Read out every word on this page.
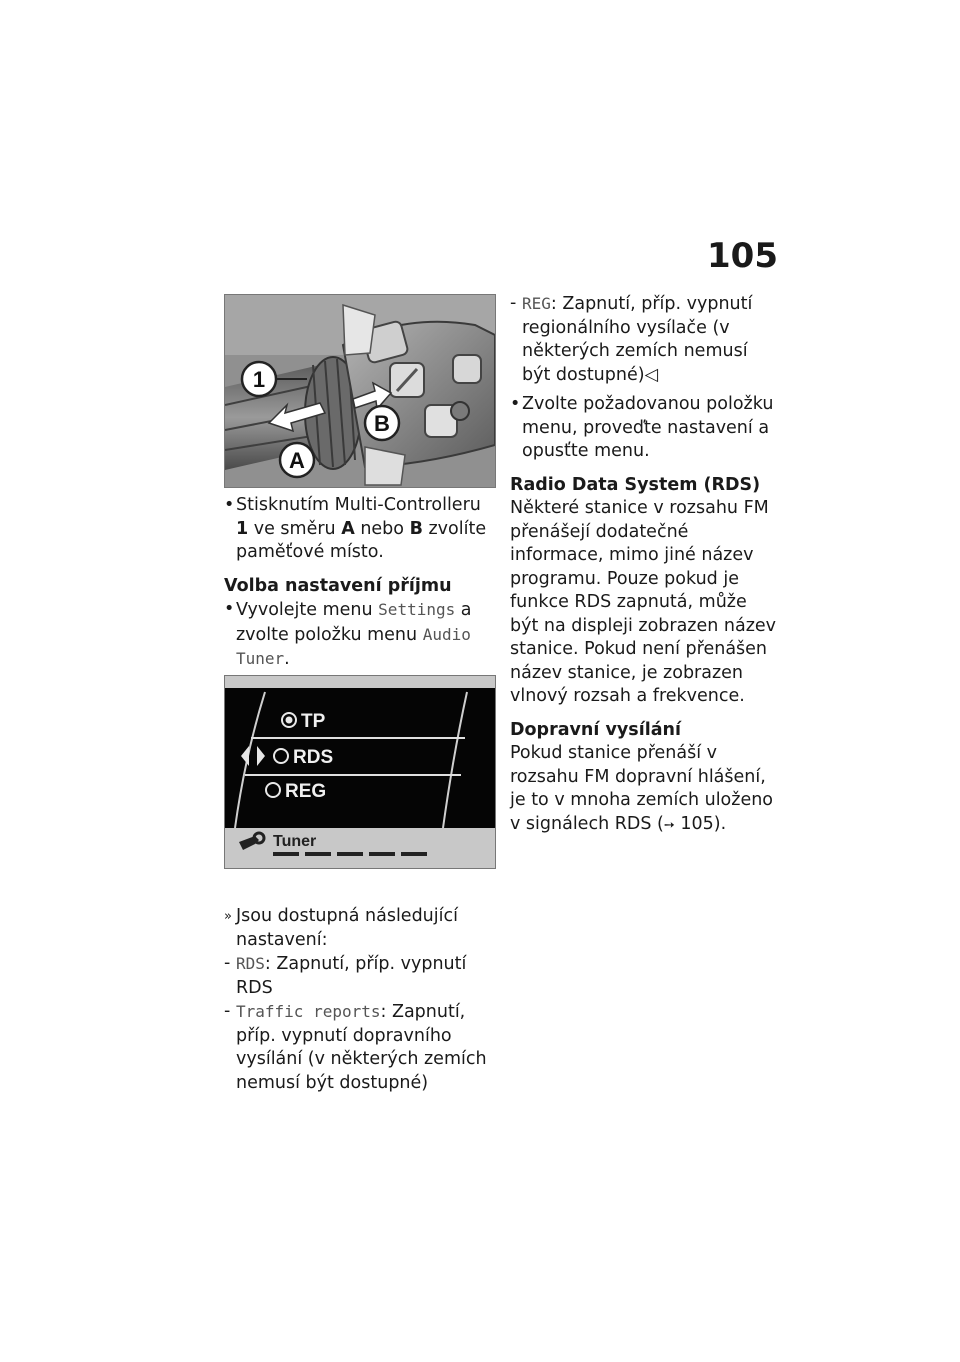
105
1
A
B
• Stisknutím Multi-Controlleru 1 ve směru A nebo B zvolíte paměťové místo.

Volba nastavení příjmu

• Vyvolejte menu Settings a zvolte položku menu Audio Tuner.
TP
RDS
REG
Tuner
» Jsou dostupná následující nastavení:
- RDS: Zapnutí, příp. vypnutí RDS
- Traffic reports: Zapnutí, příp. vypnutí dopravního vysílání (v některých zemích nemusí být dostupné)
- REG: Zapnutí, příp. vypnutí regionálního vysílače (v některých zemích nemusí být dostupné)◁
• Zvolte požadovanou položku menu, proveďte nastavení a opusťte menu.

Radio Data System (RDS)

Některé stanice v rozsahu FM přenášejí dodatečné informace, mimo jiné název programu. Pouze pokud je funkce RDS zapnutá, může být na displeji zobrazen název stanice. Pokud není přenášen název stanice, je zobrazen vlnový rozsah a frekvence.

Dopravní vysílání

Pokud stanice přenáší v rozsahu FM dopravní hlášení, je to v mnoha zemích uloženo v signálech RDS (➙ 105).
